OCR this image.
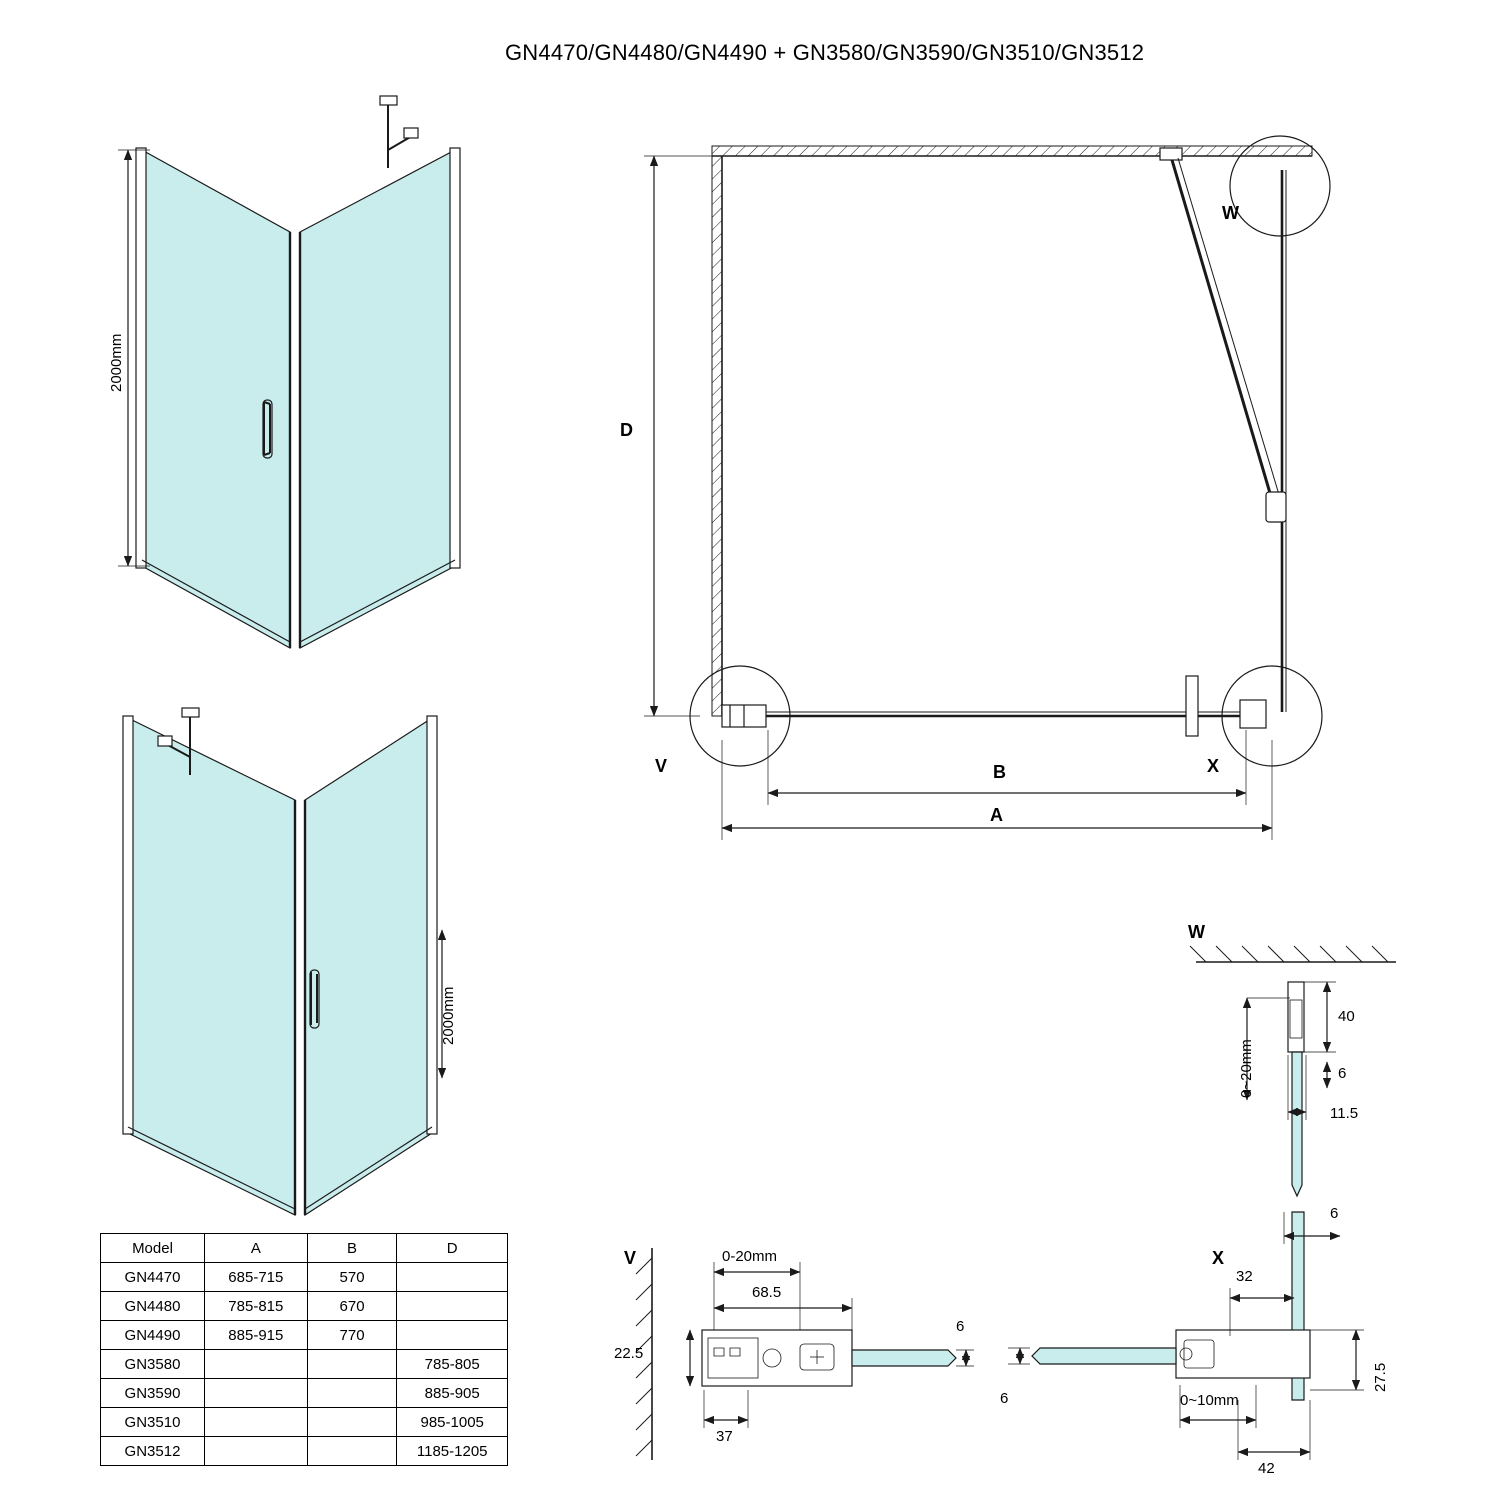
GN4470/GN4480/GN4490 + GN3580/GN3590/GN3510/GN3512
2000mm
2000mm
D
B
A
W
V	X
W
40
6
11.5
0~20mm
V	0-20mm
68.5
6
22.5
37
X
6
32
27.5
6	0~10mm
42
Model	A	B	D
GN4470	685-715	570	
GN4480	785-815	670	
GN4490	885-915	770	
GN3580			785-805
GN3590			885-905
GN3510			985-1005
GN3512			1185-1205
